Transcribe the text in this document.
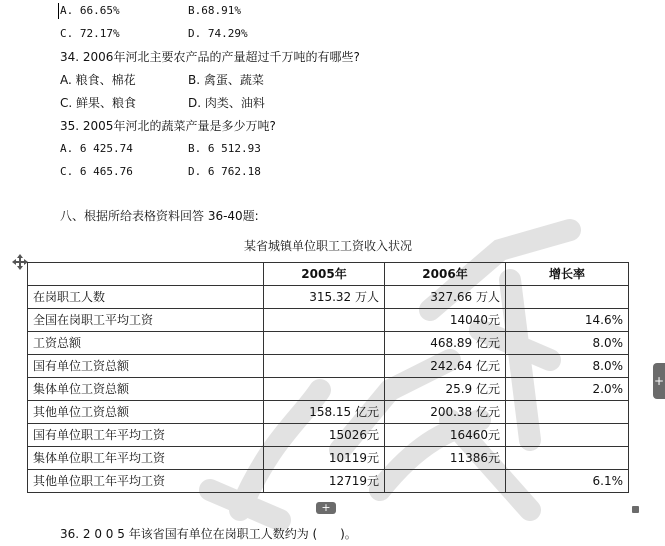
A. 66.65%	B.68.91%
C. 72.17%	D. 74.29%
34. 2006年河北主要农产品的产量超过千万吨的有哪些?
A. 粮食、棉花	B. 禽蛋、蔬菜
C. 鲜果、粮食	D. 肉类、油料
35. 2005年河北的蔬菜产量是多少万吨?
A. 6 425.74	B. 6 512.93
C. 6 465.76	D. 6 762.18
八、根据所给表格资料回答 36-40题:
某省城镇单位职工工资收入状况
	2005年	2006年	增长率
在岗职工人数	315.32 万人	327.66 万人	
全国在岗职工平均工资		14040元	14.6%
工资总额		468.89 亿元	8.0%
国有单位工资总额		242.64 亿元	8.0%
集体单位工资总额		25.9 亿元	2.0%
其他单位工资总额	158.15 亿元	200.38 亿元	
国有单位职工年平均工资	15026元	16460元	
集体单位职工年平均工资	10119元	11386元	
其他单位职工年平均工资	12719元		6.1%
+
+
36. 2 0 0 5 年该省国有单位在岗职工人数约为 (      )。
